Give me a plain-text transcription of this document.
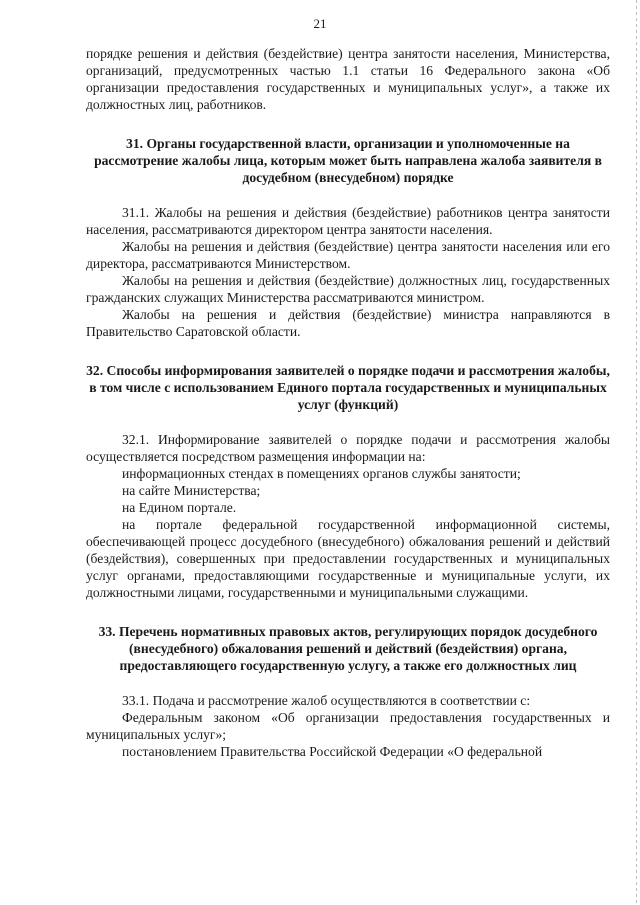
21

порядке решения и действия (бездействие) центра занятости населения, Министерства, организаций, предусмотренных частью 1.1 статьи 16 Федерального закона «Об организации предоставления государственных и муниципальных услуг», а также их должностных лиц, работников.

31. Органы государственной власти, организации и уполномоченные на рассмотрение жалобы лица, которым может быть направлена жалоба заявителя в досудебном (внесудебном) порядке

31.1. Жалобы на решения и действия (бездействие) работников центра занятости населения, рассматриваются директором центра занятости населения.

Жалобы на решения и действия (бездействие) центра занятости населения или его директора, рассматриваются Министерством.

Жалобы на решения и действия (бездействие) должностных лиц, государственных гражданских служащих Министерства рассматриваются министром.

Жалобы на решения и действия (бездействие) министра направляются в Правительство Саратовской области.

32. Способы информирования заявителей о порядке подачи и рассмотрения жалобы, в том числе с использованием Единого портала государственных и муниципальных услуг (функций)

32.1. Информирование заявителей о порядке подачи и рассмотрения жалобы осуществляется посредством размещения информации на:

информационных стендах в помещениях органов службы занятости;

на сайте Министерства;

на Едином портале.

на портале федеральной государственной информационной системы, обеспечивающей процесс досудебного (внесудебного) обжалования решений и действий (бездействия), совершенных при предоставлении государственных и муниципальных услуг органами, предоставляющими государственные и муниципальные услуги, их должностными лицами, государственными и муниципальными служащими.

33. Перечень нормативных правовых актов, регулирующих порядок досудебного (внесудебного) обжалования решений и действий (бездействия) органа, предоставляющего государственную услугу, а также его должностных лиц

33.1. Подача и рассмотрение жалоб осуществляются в соответствии с:

Федеральным законом «Об организации предоставления государственных и муниципальных услуг»;

постановлением Правительства Российской Федерации «О федеральной
